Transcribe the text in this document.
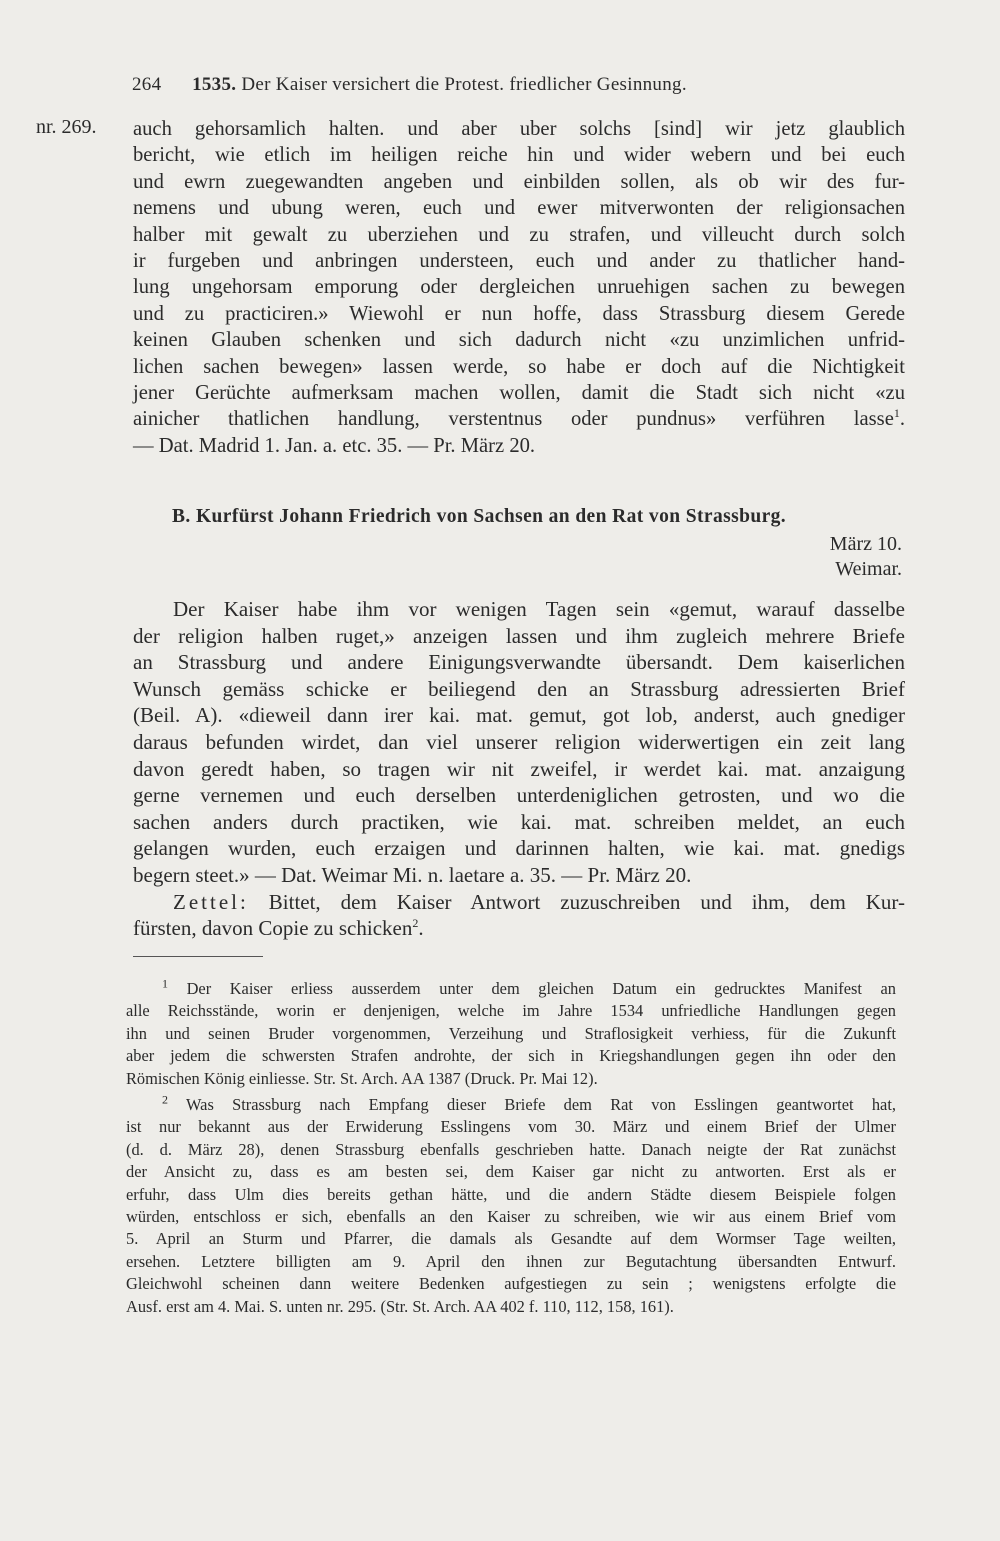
264 1535. Der Kaiser versichert die Protest. friedlicher Gesinnung.
nr. 269. auch gehorsamlich halten. und aber uber solchs [sind] wir jetz glaublich
bericht, wie etlich im heiligen reiche hin und wider webern und bei euch
und ewrn zuegewandten angeben und einbilden sollen, als ob wir des fur-
nemens und ubung weren, euch und ewer mitverwonten der religionsachen
halber mit gewalt zu uberziehen und zu strafen, und villeucht durch solch
ir furgeben und anbringen understeen, euch und ander zu thatlicher hand-
lung ungehorsam emporung oder dergleichen unruehigen sachen zu bewegen
und zu practiciren.» Wiewohl er nun hoffe, dass Strassburg diesem Gerede
keinen Glauben schenken und sich dadurch nicht «zu unzimlichen unfrid-
lichen sachen bewegen» lassen werde, so habe er doch auf die Nichtigkeit
jener Gerüchte aufmerksam machen wollen, damit die Stadt sich nicht «zu
ainicher thatlichen handlung, verstentnus oder pundnus» verführen lasse$^1$.
— Dat. Madrid 1. Jan. a. etc. 35. — Pr. März 20.
B. Kurfürst Johann Friedrich von Sachsen an den Rat von Strassburg.
März 10.
Weimar.
Der Kaiser habe ihm vor wenigen Tagen sein «gemut, warauf dasselbe
der religion halben ruget,» anzeigen lassen und ihm zugleich mehrere Briefe
an Strassburg und andere Einigungsverwandte übersandt. Dem kaiserlichen
Wunsch gemäss schicke er beiliegend den an Strassburg adressierten Brief
(Beil. A). «dieweil dann irer kai. mat. gemut, got lob, anderst, auch gnediger
daraus befunden wirdet, dan viel unserer religion widerwertigen ein zeit lang
davon geredt haben, so tragen wir nit zweifel, ir werdet kai. mat. anzaigung
gerne vernemen und euch derselben unterdeniglichen getrosten, und wo die
sachen anders durch practiken, wie kai. mat. schreiben meldet, an euch
gelangen wurden, euch erzaigen und darinnen halten, wie kai. mat. gnedigs
begern steet.» — Dat. Weimar Mi. n. laetare a. 35. — Pr. März 20.
Zettel: Bittet, dem Kaiser Antwort zuzuschreiben und ihm, dem Kur-
fürsten, davon Copie zu schicken$^2$.
$^1$ Der Kaiser erliess ausserdem unter dem gleichen Datum ein gedrucktes Manifest an
alle Reichsstände, worin er denjenigen, welche im Jahre 1534 unfriedliche Handlungen gegen
ihn und seinen Bruder vorgenommen, Verzeihung und Straflosigkeit verhiess, für die Zukunft
aber jedem die schwersten Strafen androhte, der sich in Kriegshandlungen gegen ihn oder den
Römischen König einliesse. Str. St. Arch. AA 1387 (Druck. Pr. Mai 12).
$^2$ Was Strassburg nach Empfang dieser Briefe dem Rat von Esslingen geantwortet hat,
ist nur bekannt aus der Erwiderung Esslingens vom 30. März und einem Brief der Ulmer
(d. d. März 28), denen Strassburg ebenfalls geschrieben hatte. Danach neigte der Rat zunächst
der Ansicht zu, dass es am besten sei, dem Kaiser gar nicht zu antworten. Erst als er
erfuhr, dass Ulm dies bereits gethan hätte, und die andern Städte diesem Beispiele folgen
würden, entschloss er sich, ebenfalls an den Kaiser zu schreiben, wie wir aus einem Brief vom
5. April an Sturm und Pfarrer, die damals als Gesandte auf dem Wormser Tage weilten,
ersehen. Letztere billigten am 9. April den ihnen zur Begutachtung übersandten Entwurf.
Gleichwohl scheinen dann weitere Bedenken aufgestiegen zu sein ; wenigstens erfolgte die
Ausf. erst am 4. Mai. S. unten nr. 295. (Str. St. Arch. AA 402 f. 110, 112, 158, 161).
